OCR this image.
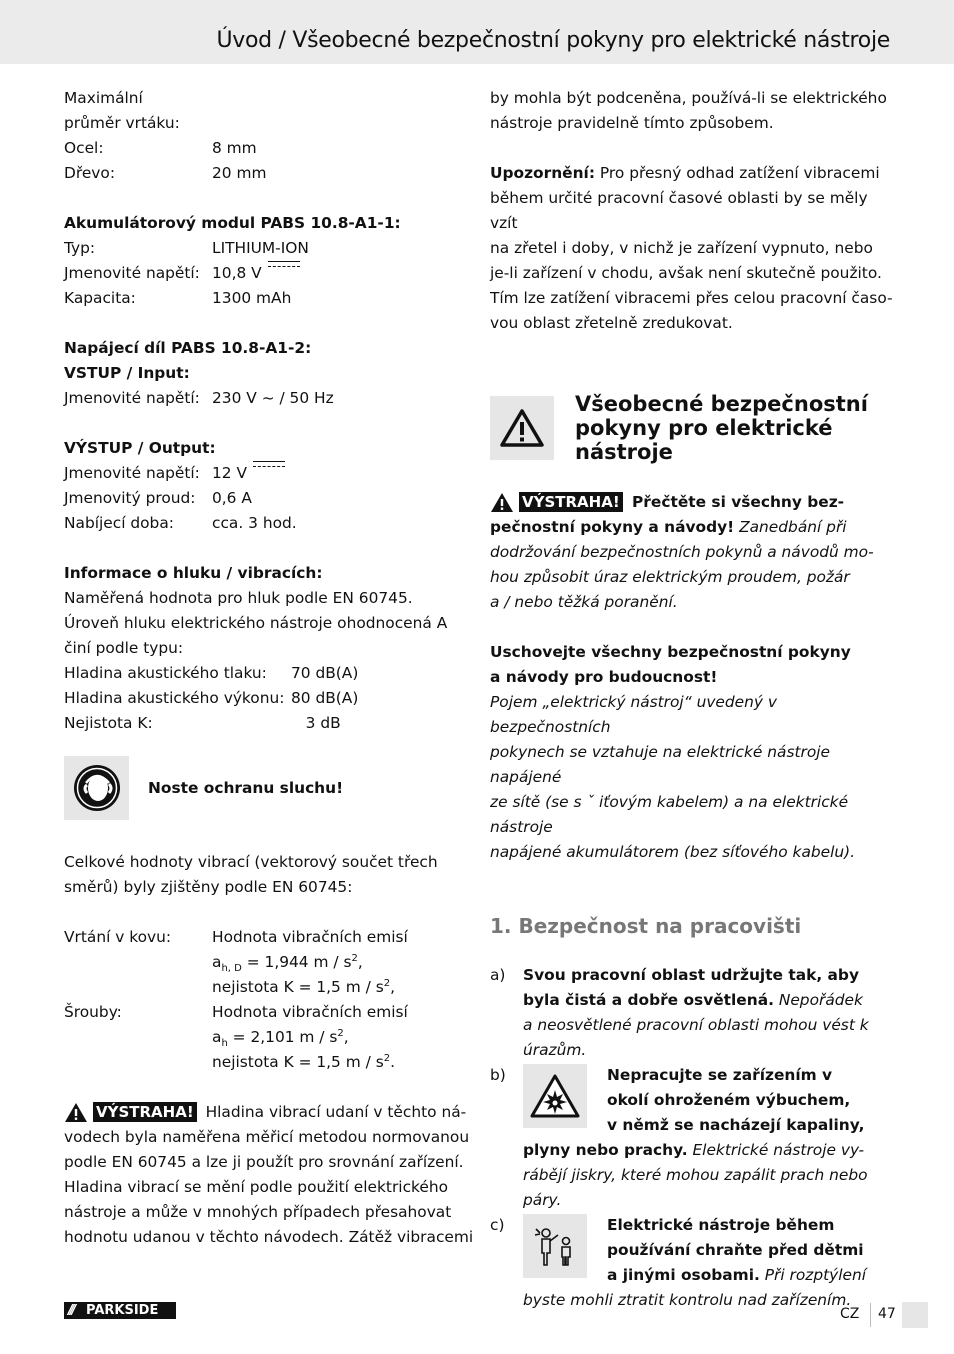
Úvod / Všeobecné bezpečnostní pokyny pro elektrické nástroje

Maximální

průměr vrtáku:

Ocel:	8 mm
Dřevo:	20 mm

Akumulátorový modul PABS 10.8-A1-1:

Typ:	LITHIUM-ION
Jmenovité napětí: 10,8 V
Kapacita:	1300 mAh

Napájecí díl PABS 10.8-A1-2:

VSTUP / Input:

Jmenovité napětí: 230 V ~ / 50 Hz

VÝSTUP / Output:

Jmenovité napětí: 12 V
Jmenovitý proud:	0,6 A
Nabíjecí doba:	cca. 3 hod.

Informace o hluku / vibracích:

Naměřená hodnota pro hluk podle EN 60745.

Úroveň hluku elektrického nástroje ohodnocená A

činí podle typu:

Hladina akustického tlaku:	70 dB(A)
Hladina akustického výkonu: 80 dB(A)
Nejistota K:	3 dB
Noste ochranu sluchu!

Celkové hodnoty vibrací (vektorový součet třech

směrů) byly zjištěny podle EN 60745:

Vrtání v kovu:	Hodnota vibračních emisí
$a_{h, D} = 1,944$ m / $s^2$,
nejistota K = 1,5 m / $s^2$,
Šrouby:	Hodnota vibračních emisí
$a_h = 2,101$ m / $s^2$,
nejistota K = 1,5 m / $s^2$.

VÝSTRAHA! Hladina vibrací udaní v těchto ná-

vodech byla naměřena měřicí metodou normovanou

podle EN 60745 a lze ji použít pro srovnání zařízení.

Hladina vibrací se mění podle použití elektrického

nástroje a může v mnohých případech přesahovat

hodnotu udanou v těchto návodech. Zátěž vibracemi

by mohla být podceněna, používá-li se elektrického

nástroje pravidelně tímto způsobem.

Upozornění: Pro přesný odhad zatížení vibracemi

během určité pracovní časové oblasti by se měly vzít

na zřetel i doby, v nichž je zařízení vypnuto, nebo

je-li zařízení v chodu, avšak není skutečně použito.

Tím lze zatížení vibracemi přes celou pracovní časo-

vou oblast zřetelně zredukovat.

Všeobecné bezpečnostní pokyny pro elektrické nástroje

VÝSTRAHA! Přečtěte si všechny bez-

pečnostní pokyny a návody! Zanedbání při

dodržování bezpečnostních pokynů a návodů mo-

hou způsobit úraz elektrickým proudem, požár

a / nebo těžká poranění.

Uschovejte všechny bezpečnostní pokyny

a návody pro budoucnost!

Pojem „elektrický nástroj“ uvedený v bezpečnostních

pokynech se vztahuje na elektrické nástroje napájené

ze sítě (se s ˇ iťovým kabelem) a na elektrické nástroje

napájené akumulátorem (bez síťového kabelu).

1. Bezpečnost na pracovišti

a)	Svou pracovní oblast udržujte tak, aby

byla čistá a dobře osvětlená. Nepořádek

a neosvětlené pracovní oblasti mohou vést k

úrazům.

b)	Nepracujte se zařízením v

okolí ohroženém výbuchem,

v němž se nacházejí kapaliny,

plyny nebo prachy. Elektrické nástroje vy-

rábějí jiskry, které mohou zapálit prach nebo

páry.

c)	Elektrické nástroje během

používání chraňte před dětmi

a jinými osobami. Při rozptýlení

byste mohli ztratit kontrolu nad zařízením.

/// PARKSIDE	CZ 47
